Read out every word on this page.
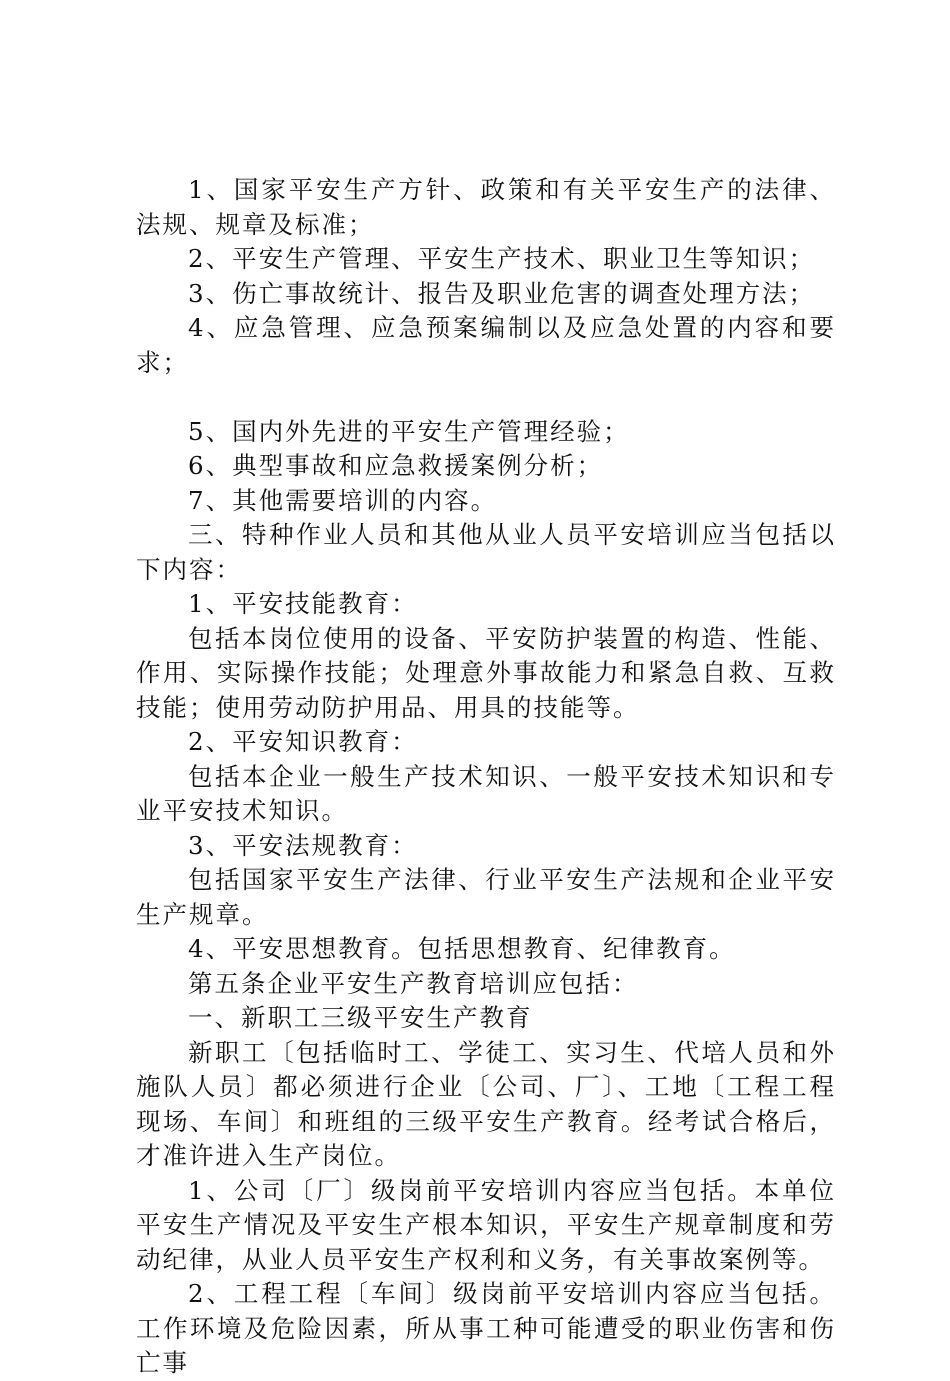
1、国家平安生产方针、政策和有关平安生产的法律、法规、规章及标准；

2、平安生产管理、平安生产技术、职业卫生等知识；

3、伤亡事故统计、报告及职业危害的调查处理方法；

4、应急管理、应急预案编制以及应急处置的内容和要求；

5、国内外先进的平安生产管理经验；

6、典型事故和应急救援案例分析；

7、其他需要培训的内容。

三、特种作业人员和其他从业人员平安培训应当包括以下内容：

1、平安技能教育：

包括本岗位使用的设备、平安防护装置的构造、性能、作用、实际操作技能；处理意外事故能力和紧急自救、互救技能；使用劳动防护用品、用具的技能等。

2、平安知识教育：

包括本企业一般生产技术知识、一般平安技术知识和专业平安技术知识。

3、平安法规教育：

包括国家平安生产法律、行业平安生产法规和企业平安生产规章。

4、平安思想教育。包括思想教育、纪律教育。

第五条企业平安生产教育培训应包括：

一、新职工三级平安生产教育

新职工〔包括临时工、学徒工、实习生、代培人员和外施队人员〕都必须进行企业〔公司、厂〕、工地〔工程工程现场、车间〕和班组的三级平安生产教育。经考试合格后，才准许进入生产岗位。

1、公司〔厂〕级岗前平安培训内容应当包括。本单位平安生产情况及平安生产根本知识，平安生产规章制度和劳动纪律，从业人员平安生产权利和义务，有关事故案例等。

2、工程工程〔车间〕级岗前平安培训内容应当包括。工作环境及危险因素，所从事工种可能遭受的职业伤害和伤亡事
